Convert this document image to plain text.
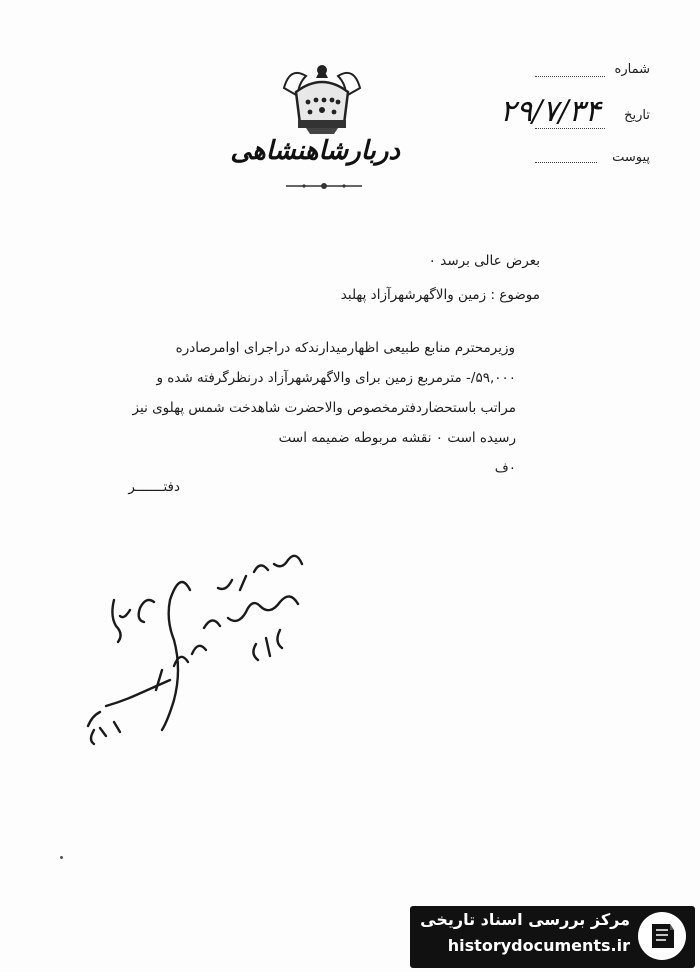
شماره
تاریخ
۲۹/۷/۳۴
پیوست
دربارشاهنشاهی
بعرض عالی برسد ۰
موضوع : زمین والاگهرشهرآزاد پهلبد
وزیرمحترم منابع طبیعی اظهارمیدارندکه دراجرای اوامرصادره
۵۹,۰۰۰/- مترمربع زمین برای والاگهرشهرآزاد درنظرگرفته شده و
مراتب باستحضاردفترمخصوص والاحضرت شاهدخت شمس پهلوی نیز
رسیده است ۰ نقشه مربوطه ضمیمه است ۰ف
دفتـــــــر
مرکز بررسی اسناد تاریخی
historydocuments.ir
